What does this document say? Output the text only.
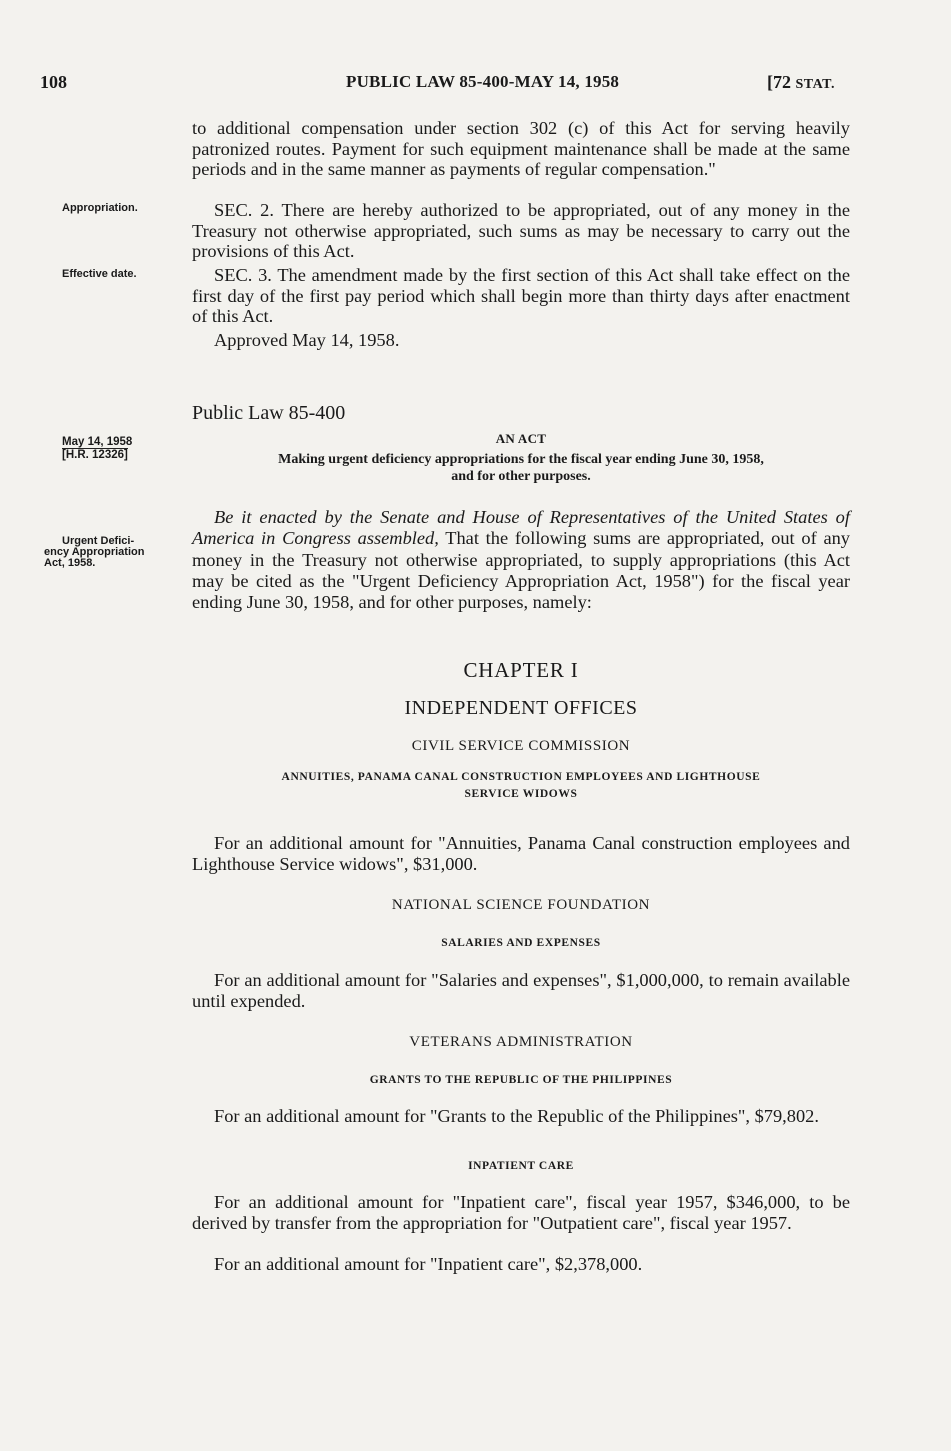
108	PUBLIC LAW 85-400-MAY 14, 1958	[72 STAT.
Appropriation.
Effective date.
May 14, 1958
[H.R. 12326]
Urgent Defici-
ency Appropriation
Act, 1958.
to additional compensation under section 302 (c) of this Act for serving heavily patronized routes. Payment for such equipment maintenance shall be made at the same periods and in the same manner as payments of regular compensation."
SEC. 2. There are hereby authorized to be appropriated, out of any money in the Treasury not otherwise appropriated, such sums as may be necessary to carry out the provisions of this Act.
SEC. 3. The amendment made by the first section of this Act shall take effect on the first day of the first pay period which shall begin more than thirty days after enactment of this Act.
Approved May 14, 1958.
Public Law 85-400
AN ACT
Making urgent deficiency appropriations for the fiscal year ending June 30, 1958,
and for other purposes.
Be it enacted by the Senate and House of Representatives of the United States of America in Congress assembled, That the following sums are appropriated, out of any money in the Treasury not otherwise appropriated, to supply appropriations (this Act may be cited as the "Urgent Deficiency Appropriation Act, 1958") for the fiscal year ending June 30, 1958, and for other purposes, namely:
CHAPTER I
INDEPENDENT OFFICES
CIVIL SERVICE COMMISSION
ANNUITIES, PANAMA CANAL CONSTRUCTION EMPLOYEES AND LIGHTHOUSE
SERVICE WIDOWS
For an additional amount for "Annuities, Panama Canal construction employees and Lighthouse Service widows", $31,000.
NATIONAL SCIENCE FOUNDATION
SALARIES AND EXPENSES
For an additional amount for "Salaries and expenses", $1,000,000, to remain available until expended.
VETERANS ADMINISTRATION
GRANTS TO THE REPUBLIC OF THE PHILIPPINES
For an additional amount for "Grants to the Republic of the Philippines", $79,802.
INPATIENT CARE
For an additional amount for "Inpatient care", fiscal year 1957, $346,000, to be derived by transfer from the appropriation for "Outpatient care", fiscal year 1957.
For an additional amount for "Inpatient care", $2,378,000.
